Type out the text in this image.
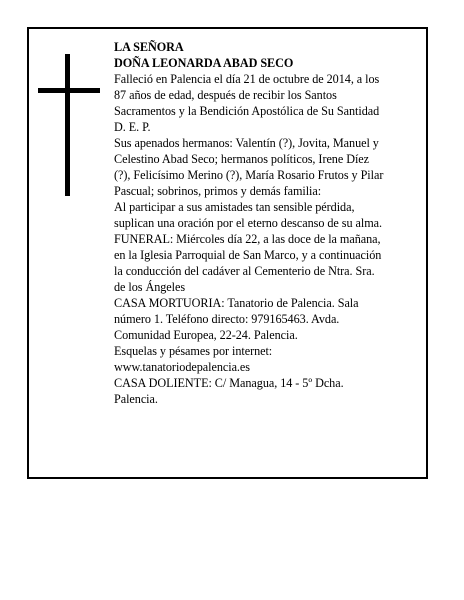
LA SEÑORA
DOÑA LEONARDA ABAD SECO
Falleció en Palencia el día 21 de octubre de 2014, a los
87 años de edad, después de recibir los Santos
Sacramentos y la Bendición Apostólica de Su Santidad
D. E. P.
Sus apenados hermanos: Valentín (?), Jovita, Manuel y
Celestino Abad Seco; hermanos políticos, Irene Díez
(?), Felicísimo Merino (?), María Rosario Frutos y Pilar
Pascual; sobrinos, primos y demás familia:
Al participar a sus amistades tan sensible pérdida,
suplican una oración por el eterno descanso de su alma.
FUNERAL: Miércoles día 22, a las doce de la mañana,
en la Iglesia Parroquial de San Marco, y a continuación
la conducción del cadáver al Cementerio de Ntra. Sra.
de los Ángeles
CASA MORTUORIA: Tanatorio de Palencia. Sala
número 1. Teléfono directo: 979165463. Avda.
Comunidad Europea, 22-24. Palencia.
Esquelas y pésames por internet:
www.tanatoriodepalencia.es
CASA DOLIENTE: C/ Managua, 14 - 5º Dcha.
Palencia.
